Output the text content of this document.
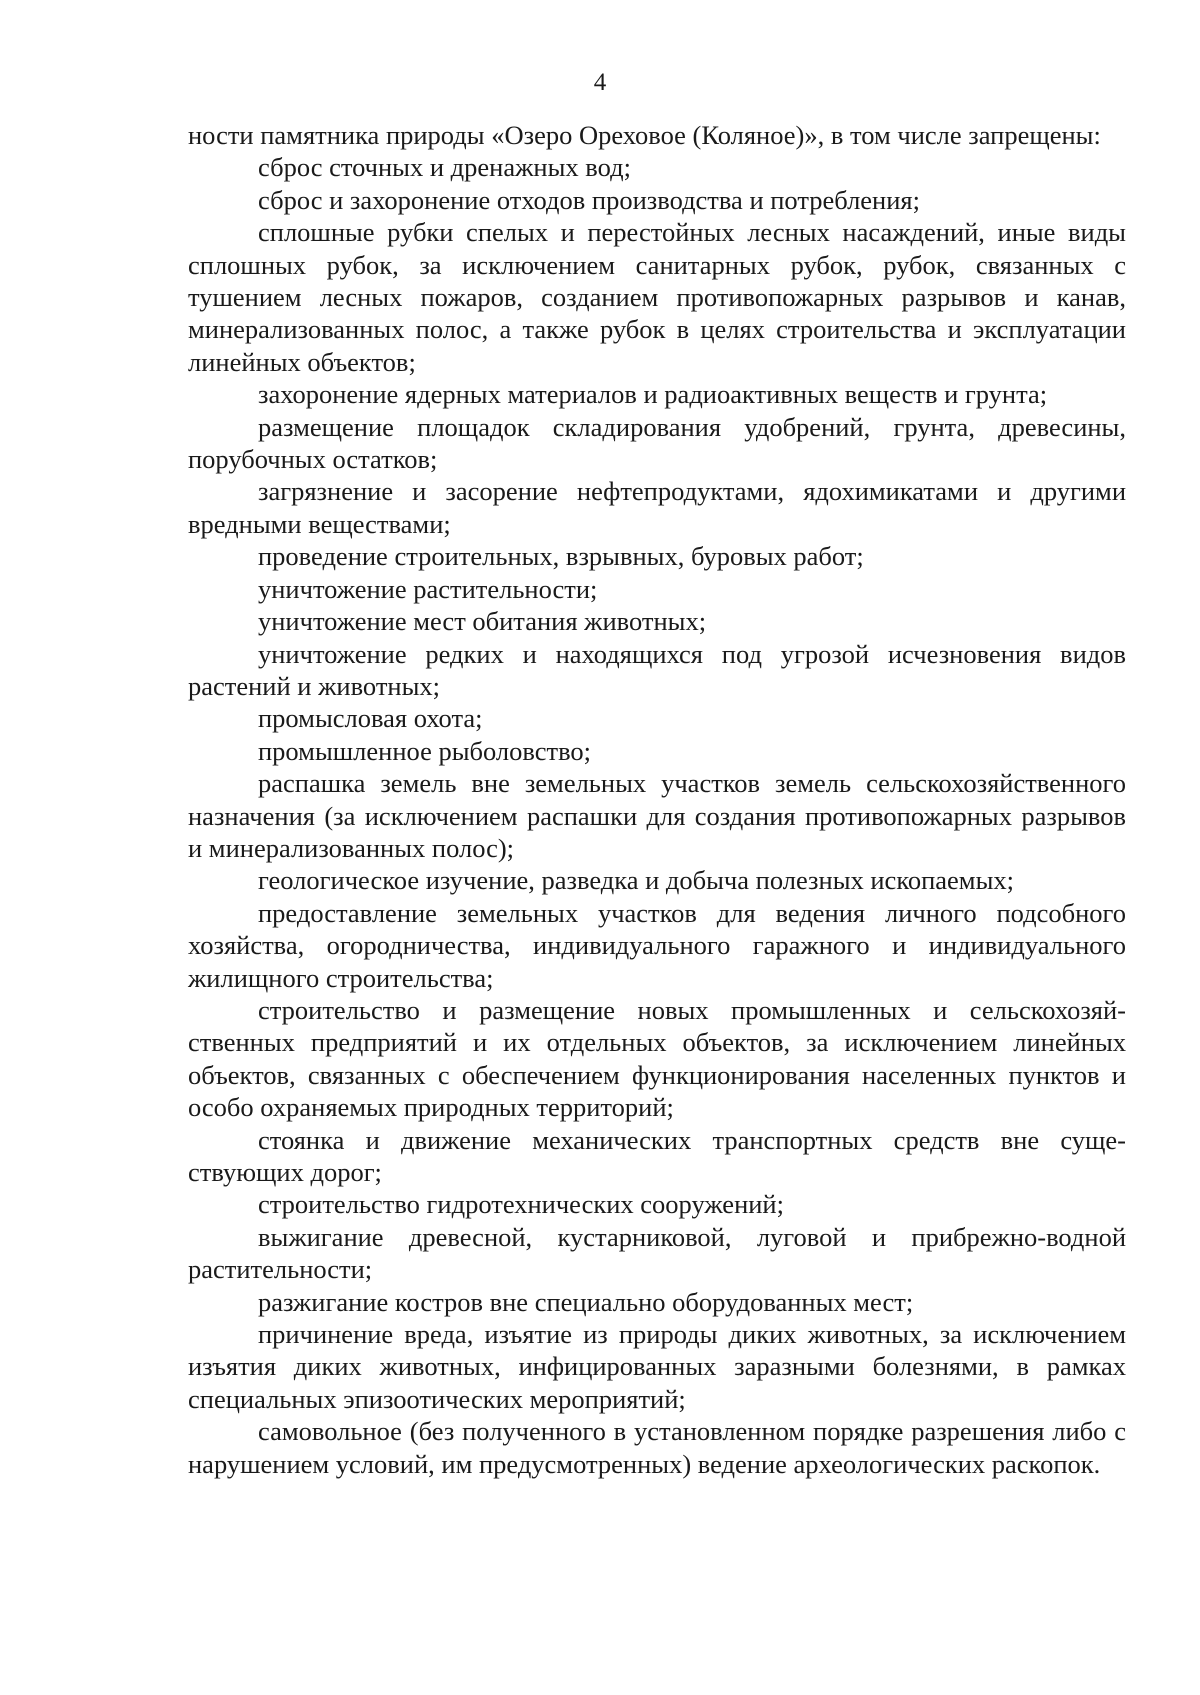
4

ности памятника природы «Озеро Ореховое (Коляное)», в том числе запрещены:

сброс сточных и дренажных вод;

сброс и захоронение отходов производства и потребления;

сплошные рубки спелых и перестойных лесных насаждений, иные виды сплошных рубок, за исключением санитарных рубок, рубок, связанных с тушением лесных пожаров, созданием противопожарных разрывов и канав, минерализованных полос, а также рубок в целях строительства и эксплуатации линейных объектов;

захоронение ядерных материалов и радиоактивных веществ и грунта;

размещение площадок складирования удобрений, грунта, древесины, порубочных остатков;

загрязнение и засорение нефтепродуктами, ядохимикатами и другими вредными веществами;

проведение строительных, взрывных, буровых работ;

уничтожение растительности;

уничтожение мест обитания животных;

уничтожение редких и находящихся под угрозой исчезновения видов растений и животных;

промысловая охота;

промышленное рыболовство;

распашка земель вне земельных участков земель сельскохозяйственного назначения (за исключением распашки для создания противопожарных разрывов и минерализованных полос);

геологическое изучение, разведка и добыча полезных ископаемых;

предоставление земельных участков для ведения личного подсобного хозяйства, огородничества, индивидуального гаражного и индивидуального жилищного строительства;

строительство и размещение новых промышленных и сельскохозяйственных предприятий и их отдельных объектов, за исключением линейных объектов, связанных с обеспечением функционирования населенных пунктов и особо охраняемых природных территорий;

стоянка и движение механических транспортных средств вне существующих дорог;

строительство гидротехнических сооружений;

выжигание древесной, кустарниковой, луговой и прибрежно-водной растительности;

разжигание костров вне специально оборудованных мест;

причинение вреда, изъятие из природы диких животных, за исключением изъятия диких животных, инфицированных заразными болезнями, в рамках специальных эпизоотических мероприятий;

самовольное (без полученного в установленном порядке разрешения либо с нарушением условий, им предусмотренных) ведение археологических раскопок.
